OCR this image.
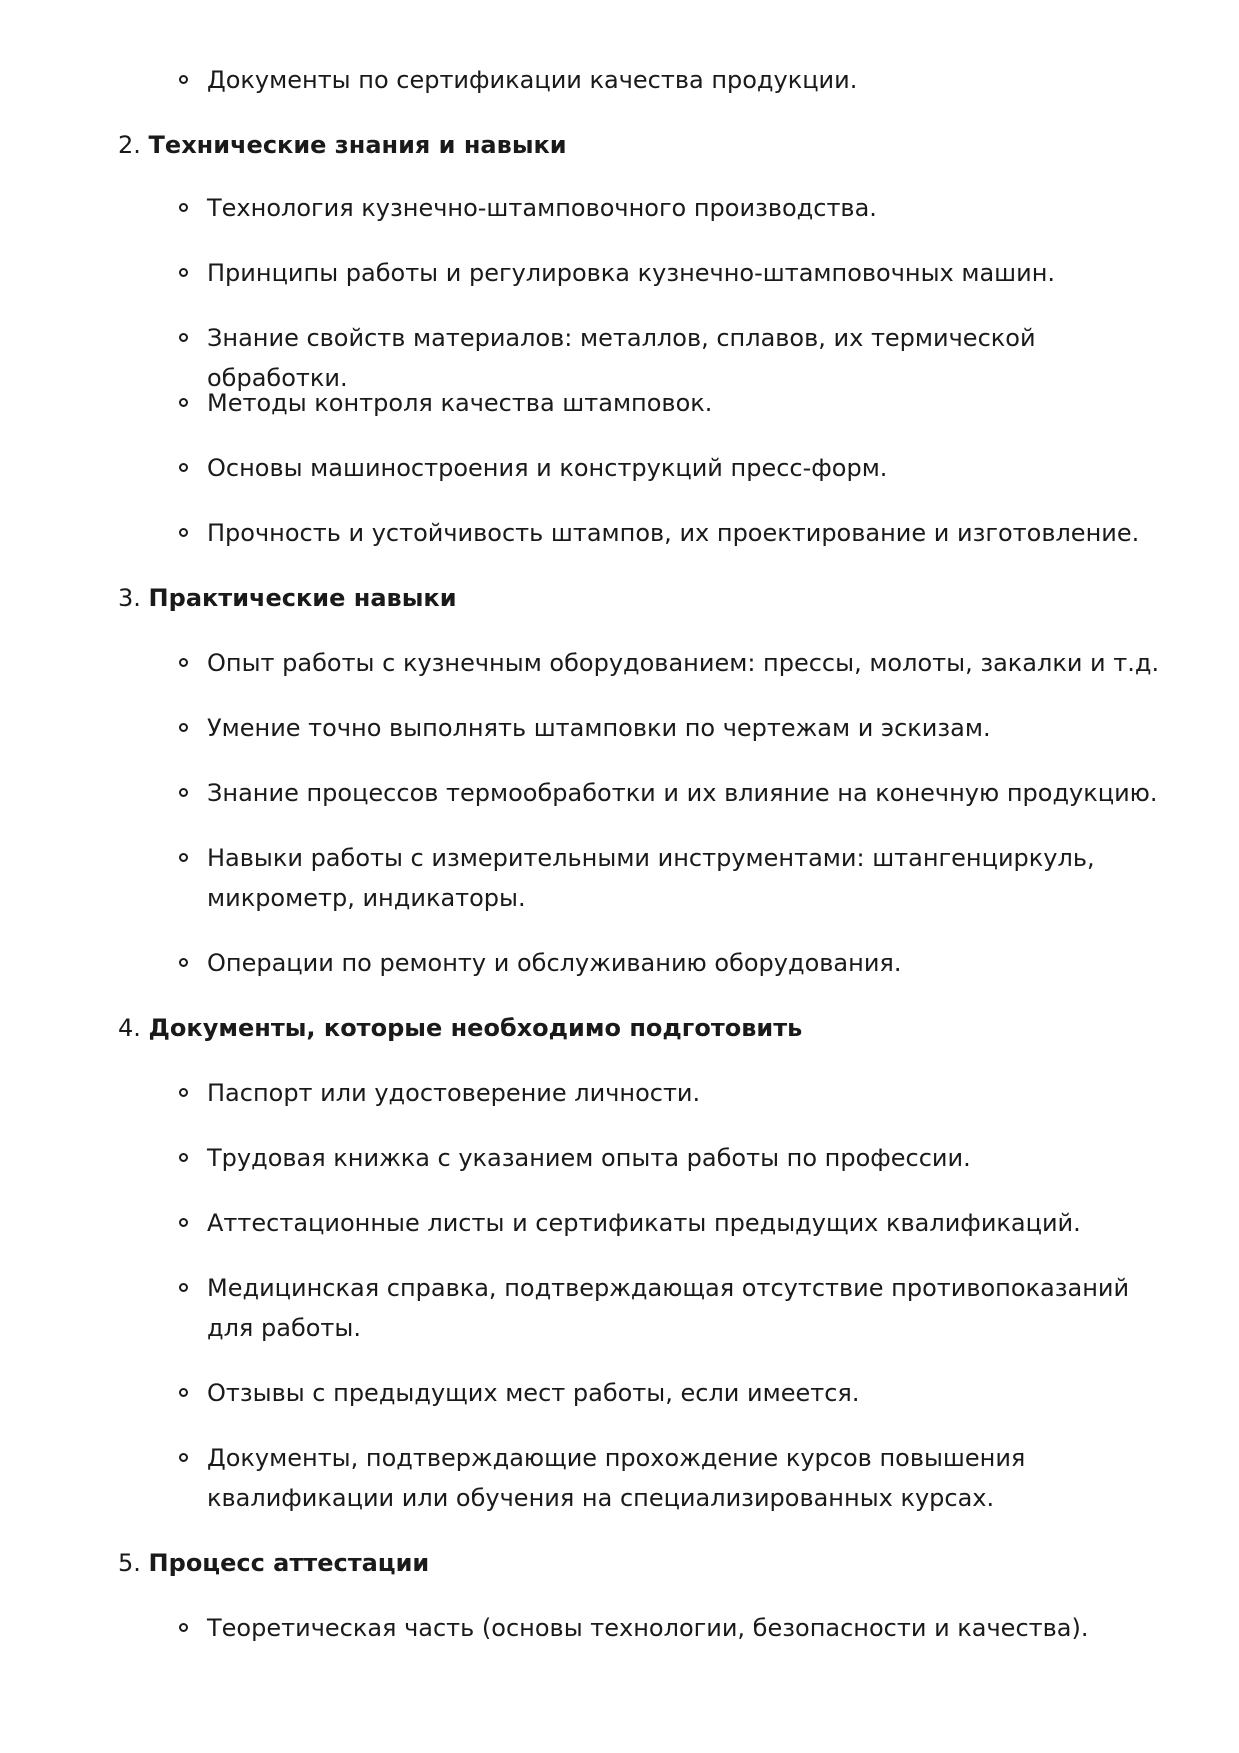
Документы по сертификации качества продукции.
2. Технические знания и навыки
Технология кузнечно-штамповочного производства.
Принципы работы и регулировка кузнечно-штамповочных машин.
Знание свойств материалов: металлов, сплавов, их термической обработки.
Методы контроля качества штамповок.
Основы машиностроения и конструкций пресс-форм.
Прочность и устойчивость штампов, их проектирование и изготовление.
3. Практические навыки
Опыт работы с кузнечным оборудованием: прессы, молоты, закалки и т.д.
Умение точно выполнять штамповки по чертежам и эскизам.
Знание процессов термообработки и их влияние на конечную продукцию.
Навыки работы с измерительными инструментами: штангенциркуль, микрометр, индикаторы.
Операции по ремонту и обслуживанию оборудования.
4. Документы, которые необходимо подготовить
Паспорт или удостоверение личности.
Трудовая книжка с указанием опыта работы по профессии.
Аттестационные листы и сертификаты предыдущих квалификаций.
Медицинская справка, подтверждающая отсутствие противопоказаний для работы.
Отзывы с предыдущих мест работы, если имеется.
Документы, подтверждающие прохождение курсов повышения квалификации или обучения на специализированных курсах.
5. Процесс аттестации
Теоретическая часть (основы технологии, безопасности и качества).
